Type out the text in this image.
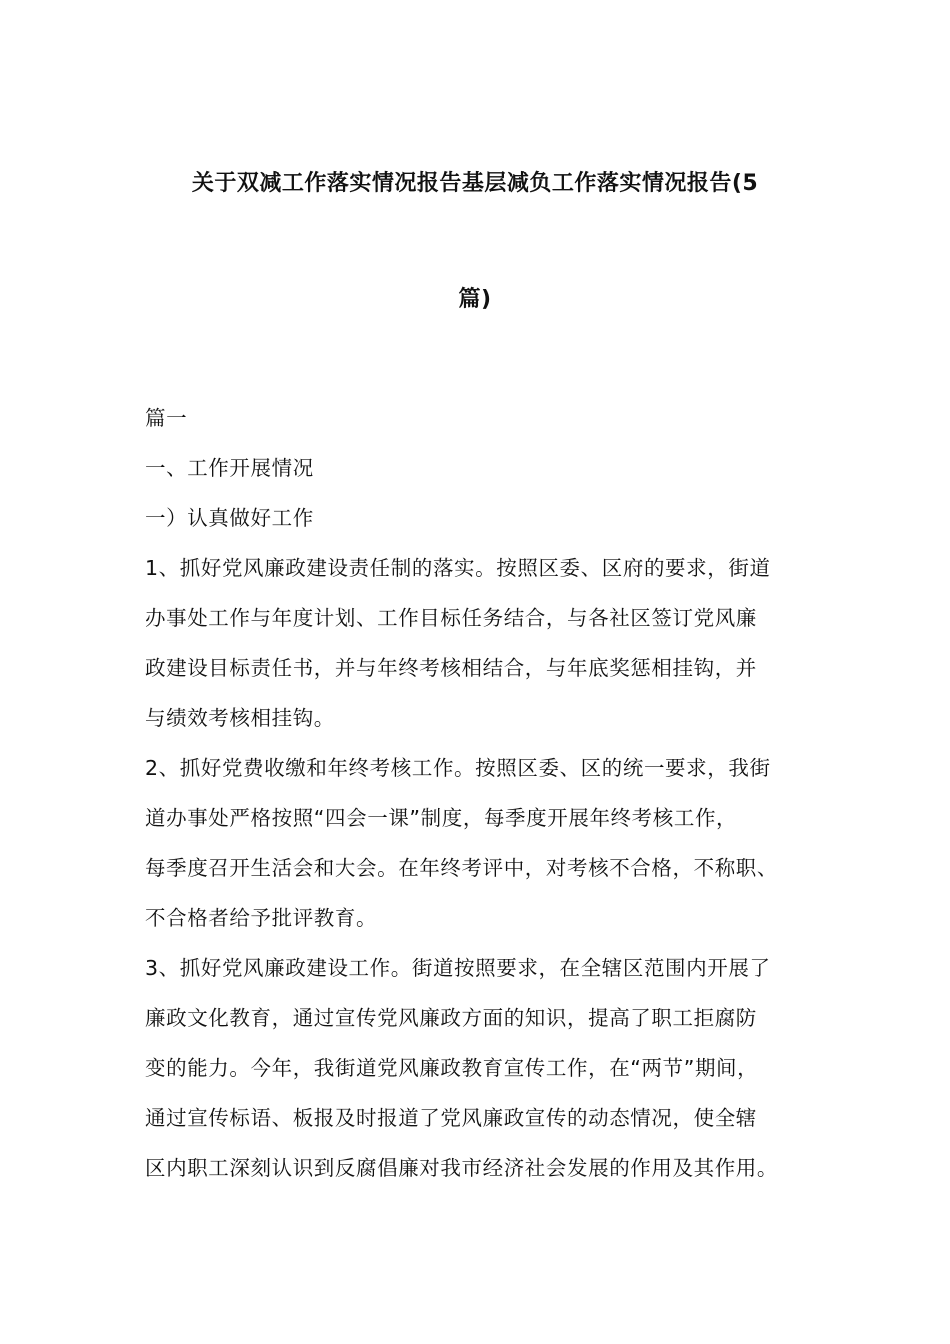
关于双减工作落实情况报告基层减负工作落实情况报告(5
篇)
篇一
一、工作开展情况
一）认真做好工作
1、抓好党风廉政建设责任制的落实。按照区委、区府的要求，街道
办事处工作与年度计划、工作目标任务结合，与各社区签订党风廉
政建设目标责任书，并与年终考核相结合，与年底奖惩相挂钩，并
与绩效考核相挂钩。
2、抓好党费收缴和年终考核工作。按照区委、区的统一要求，我街
道办事处严格按照“四会一课”制度，每季度开展年终考核工作，
每季度召开生活会和大会。在年终考评中，对考核不合格，不称职、
不合格者给予批评教育。
3、抓好党风廉政建设工作。街道按照要求，在全辖区范围内开展了
廉政文化教育，通过宣传党风廉政方面的知识，提高了职工拒腐防
变的能力。今年，我街道党风廉政教育宣传工作，在“两节”期间，
通过宣传标语、板报及时报道了党风廉政宣传的动态情况，使全辖
区内职工深刻认识到反腐倡廉对我市经济社会发展的作用及其作用。
